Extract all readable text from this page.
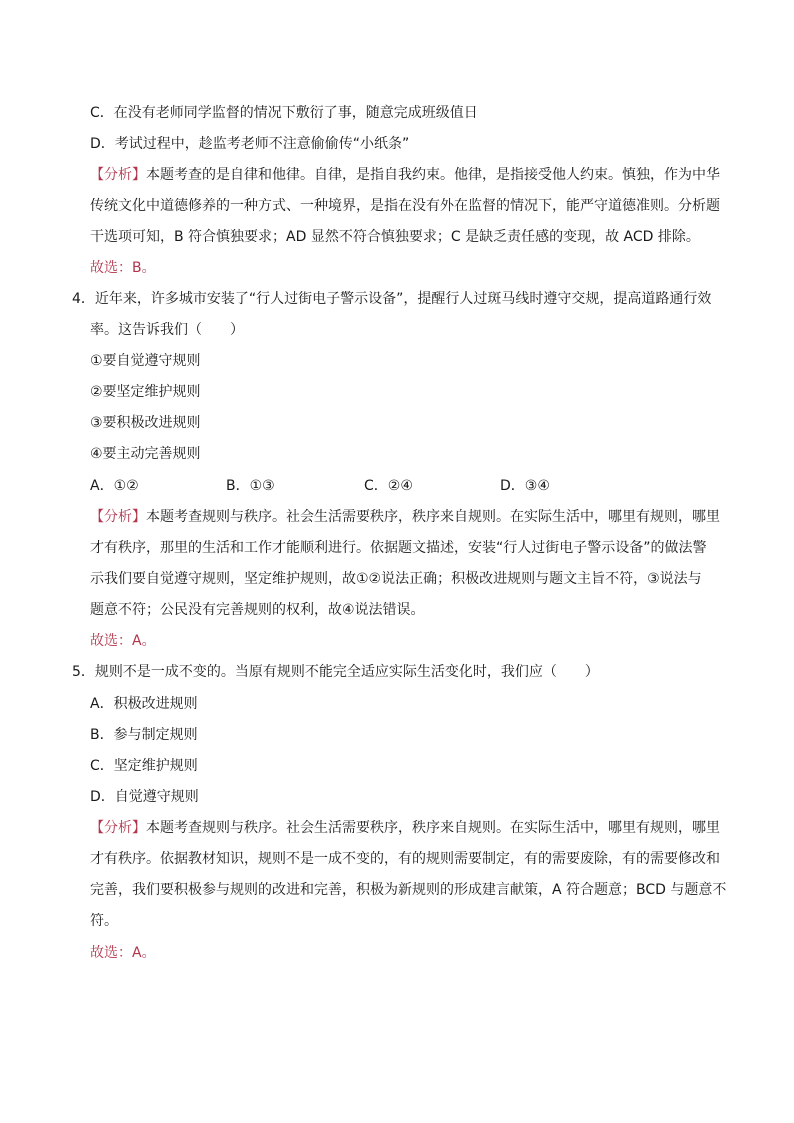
C．在没有老师同学监督的情况下敷衍了事，随意完成班级值日
D．考试过程中，趁监考老师不注意偷偷传“小纸条”
【分析】本题考查的是自律和他律。自律，是指自我约束。他律，是指接受他人约束。慎独，作为中华
传统文化中道德修养的一种方式、一种境界，是指在没有外在监督的情况下，能严守道德准则。分析题
干选项可知，B 符合慎独要求；AD 显然不符合慎独要求；C 是缺乏责任感的变现，故 ACD 排除。
故选：B。
4．近年来，许多城市安装了“行人过街电子警示设备”，提醒行人过斑马线时遵守交规，提高道路通行效
率。这告诉我们（　　）
①要自觉遵守规则
②要坚定维护规则
③要积极改进规则
④要主动完善规则
A．①②	B．①③	C．②④	D．③④
【分析】本题考查规则与秩序。社会生活需要秩序，秩序来自规则。在实际生活中，哪里有规则，哪里
才有秩序，那里的生活和工作才能顺利进行。依据题文描述，安装“行人过街电子警示设备”的做法警
示我们要自觉遵守规则，坚定维护规则，故①②说法正确；积极改进规则与题文主旨不符，③说法与
题意不符；公民没有完善规则的权利，故④说法错误。
故选：A。
5．规则不是一成不变的。当原有规则不能完全适应实际生活变化时，我们应（　　）
A．积极改进规则
B．参与制定规则
C．坚定维护规则
D．自觉遵守规则
【分析】本题考查规则与秩序。社会生活需要秩序，秩序来自规则。在实际生活中，哪里有规则，哪里
才有秩序。依据教材知识，规则不是一成不变的，有的规则需要制定，有的需要废除，有的需要修改和
完善，我们要积极参与规则的改进和完善，积极为新规则的形成建言献策，A 符合题意；BCD 与题意不
符。
故选：A。
